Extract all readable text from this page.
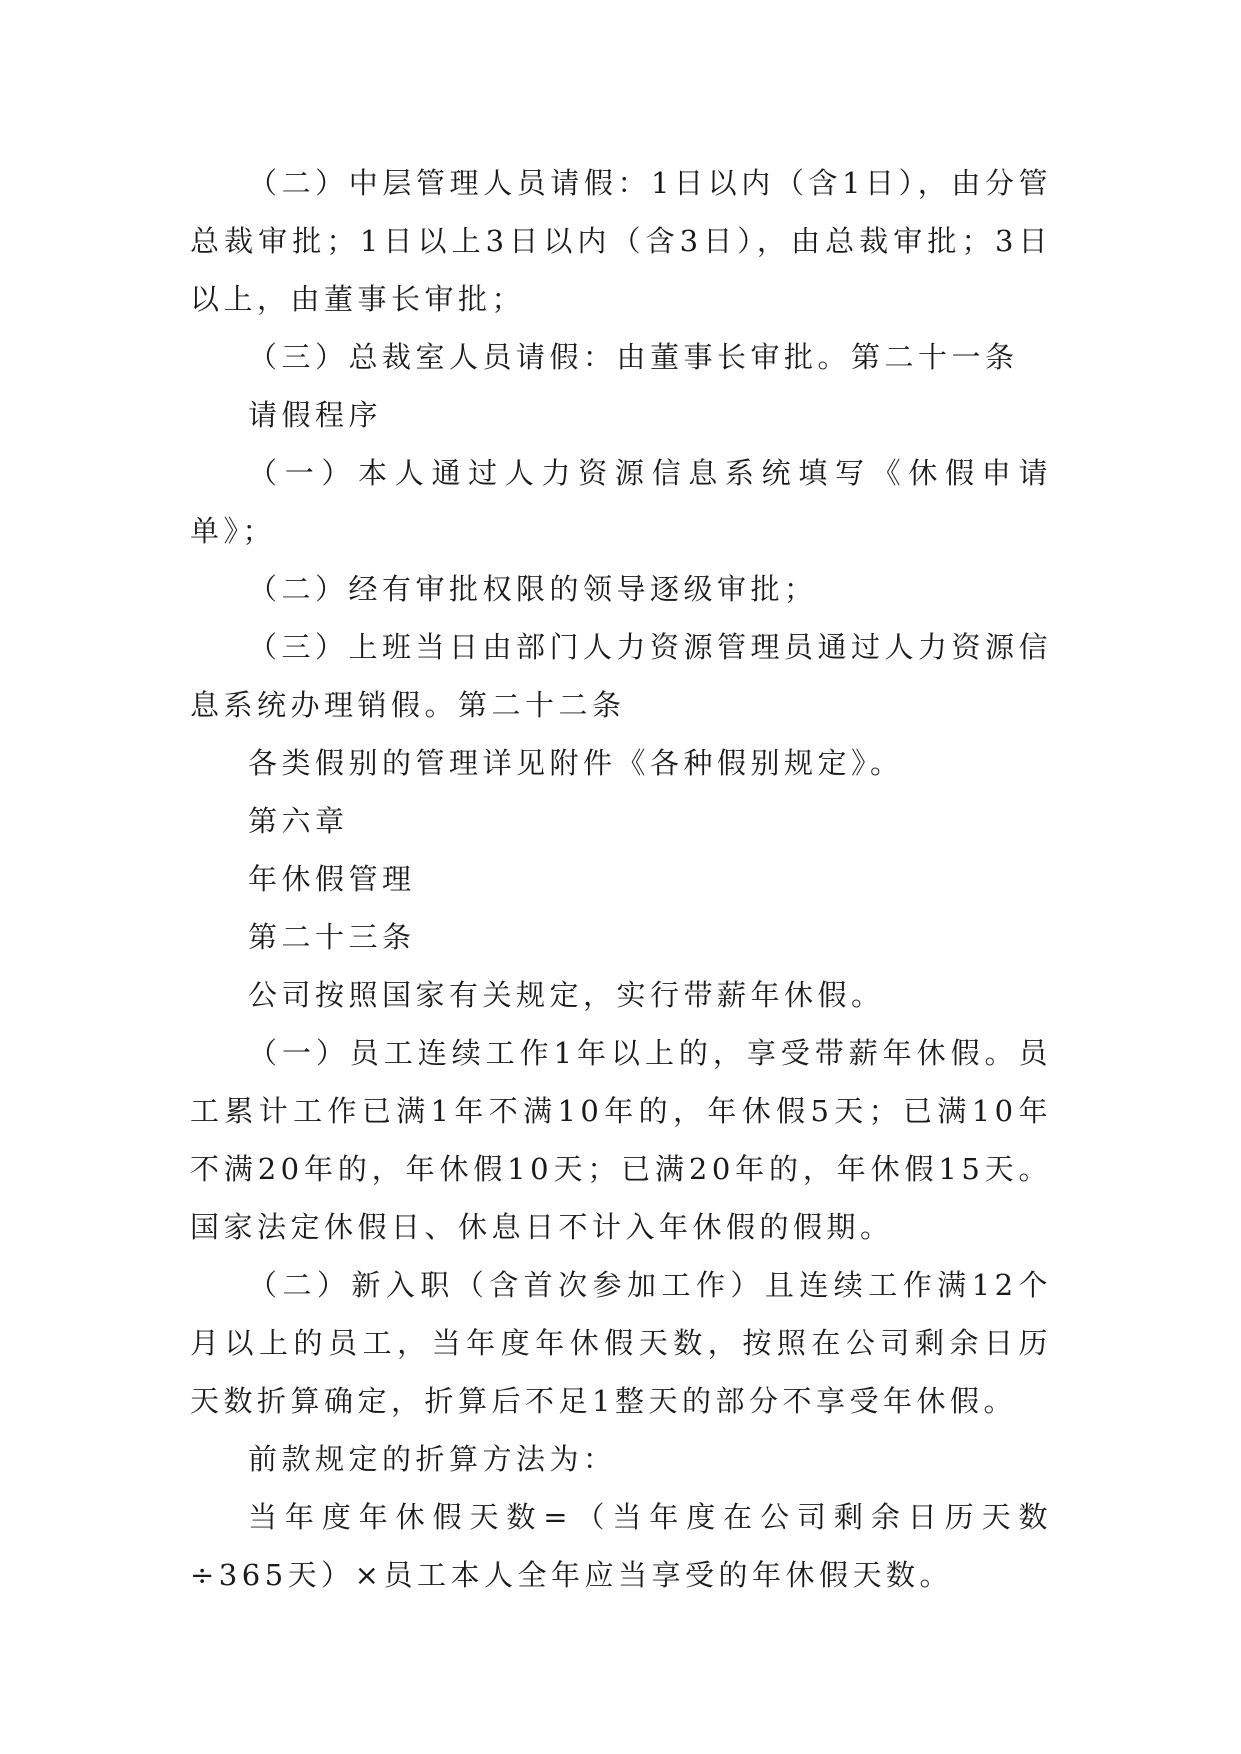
（二）中层管理人员请假：1日以内（含1日），由分管总裁审批；1日以上3日以内（含3日），由总裁审批；3日以上，由董事长审批；

（三）总裁室人员请假：由董事长审批。第二十一条

请假程序

（一）本人通过人力资源信息系统填写《休假申请单》；

（二）经有审批权限的领导逐级审批；

（三）上班当日由部门人力资源管理员通过人力资源信息系统办理销假。第二十二条

各类假别的管理详见附件《各种假别规定》。

第六章

年休假管理

第二十三条

公司按照国家有关规定，实行带薪年休假。

（一）员工连续工作1年以上的，享受带薪年休假。员工累计工作已满1年不满10年的，年休假5天；已满10年不满20年的，年休假10天；已满20年的，年休假15天。国家法定休假日、休息日不计入年休假的假期。

（二）新入职（含首次参加工作）且连续工作满12个月以上的员工，当年度年休假天数，按照在公司剩余日历天数折算确定，折算后不足1整天的部分不享受年休假。

前款规定的折算方法为：

当年度年休假天数=（当年度在公司剩余日历天数÷365天）×员工本人全年应当享受的年休假天数。
